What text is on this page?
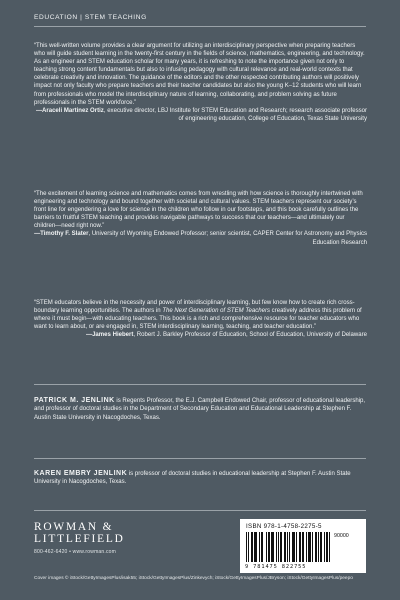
EDUCATION | STEM TEACHING
“This well-written volume provides a clear argument for utilizing an interdisciplinary perspective when preparing teachers who will guide student learning in the twenty-first century in the fields of science, mathematics, engineering, and technology. As an engineer and STEM education scholar for many years, it is refreshing to note the importance given not only to teaching strong content fundamentals but also to infusing pedagogy with cultural relevance and real-world contexts that celebrate creativity and innovation. The guidance of the editors and the other respected contributing authors will positively impact not only faculty who prepare teachers and their teacher candidates but also the young K–12 students who will learn from professionals who model the interdisciplinary nature of learning, collaborating, and problem solving as future professionals in the STEM workforce.”
—Araceli Martinez Ortiz, executive director, LBJ Institute for STEM Education and Research; research associate professor of engineering education, College of Education, Texas State University
“The excitement of learning science and mathematics comes from wrestling with how science is thoroughly intertwined with engineering and technology and bound together with societal and cultural values. STEM teachers represent our society’s front line for engendering a love for science in the children who follow in our footsteps, and this book carefully outlines the barriers to fruitful STEM teaching and provides navigable pathways to success that our teachers—and ultimately our children—need right now.”
—Timothy F. Slater, University of Wyoming Endowed Professor; senior scientist, CAPER Center for Astronomy and Physics Education Research
“STEM educators believe in the necessity and power of interdisciplinary learning, but few know how to create rich cross-boundary learning opportunities. The authors in The Next Generation of STEM Teachers creatively address this problem of where it must begin—with educating teachers. This book is a rich and comprehensive resource for teacher educators who want to learn about, or are engaged in, STEM interdisciplinary learning, teaching, and teacher education.”
—James Hiebert, Robert J. Barkley Professor of Education, School of Education, University of Delaware
PATRICK M. JENLINK is Regents Professor, the E.J. Campbell Endowed Chair, professor of educational leadership, and professor of doctoral studies in the Department of Secondary Education and Educational Leadership at Stephen F. Austin State University in Nacogdoches, Texas.
KAREN EMBRY JENLINK is professor of doctoral studies in educational leadership at Stephen F. Austin State University in Nacogdoches, Texas.
ROWMAN &
LITTLEFIELD
800-462-6420 • www.rowman.com
ISBN 978-1-4758-2275-5
90000
9 781475 822755
Cover images © iStock/GettyImagesPlus/isak55; iStock/GettyImagesPlus/Zinkevych; iStock/GettyImagesPlus/JBryson; iStock/GettyImagesPlus/peepo
